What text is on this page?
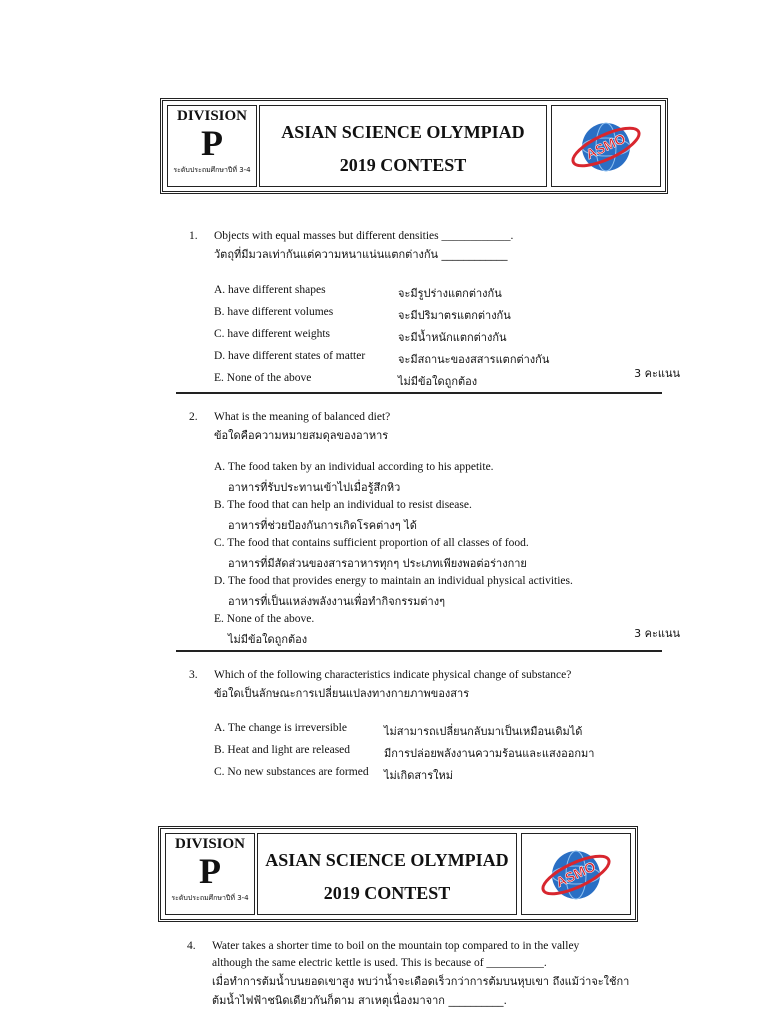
DIVISION
P
ระดับประถมศึกษาปีที่ 3-4
ASIAN SCIENCE OLYMPIAD
2019 CONTEST
ASMO
1. Objects with equal masses but different densities ____________.
วัตถุที่มีมวลเท่ากันแต่ความหนาแน่นแตกต่างกัน ____________
A. have different shapes	จะมีรูปร่างแตกต่างกัน
B. have different volumes	จะมีปริมาตรแตกต่างกัน
C. have different weights	จะมีน้ำหนักแตกต่างกัน
D. have different states of matter	จะมีสถานะของสสารแตกต่างกัน
E. None of the above	ไม่มีข้อใดถูกต้อง
3 คะแนน
2. What is the meaning of balanced diet?
ข้อใดคือความหมายสมดุลของอาหาร
A. The food taken by an individual according to his appetite.
อาหารที่รับประทานเข้าไปเมื่อรู้สึกหิว
B. The food that can help an individual to resist disease.
อาหารที่ช่วยป้องกันการเกิดโรคต่างๆ ได้
C. The food that contains sufficient proportion of all classes of food.
อาหารที่มีสัดส่วนของสารอาหารทุกๆ ประเภทเพียงพอต่อร่างกาย
D. The food that provides energy to maintain an individual physical activities.
อาหารที่เป็นแหล่งพลังงานเพื่อทำกิจกรรมต่างๆ
E. None of the above.
ไม่มีข้อใดถูกต้อง	3 คะแนน
3. Which of the following characteristics indicate physical change of substance?
ข้อใดเป็นลักษณะการเปลี่ยนแปลงทางกายภาพของสาร
A. The change is irreversible	ไม่สามารถเปลี่ยนกลับมาเป็นเหมือนเดิมได้
B. Heat and light are released	มีการปล่อยพลังงานความร้อนและแสงออกมา
C. No new substances are formed ไม่เกิดสารใหม่
DIVISION
P
ระดับประถมศึกษาปีที่ 3-4
ASIAN SCIENCE OLYMPIAD
2019 CONTEST
ASMO
4. Water takes a shorter time to boil on the mountain top compared to in the valley
although the same electric kettle is used. This is because of __________.
เมื่อทำการต้มน้ำบนยอดเขาสูง พบว่าน้ำจะเดือดเร็วกว่าการต้มบนหุบเขา ถึงแม้ว่าจะใช้กา
ต้มน้ำไฟฟ้าชนิดเดียวกันก็ตาม สาเหตุเนื่องมาจาก __________.
